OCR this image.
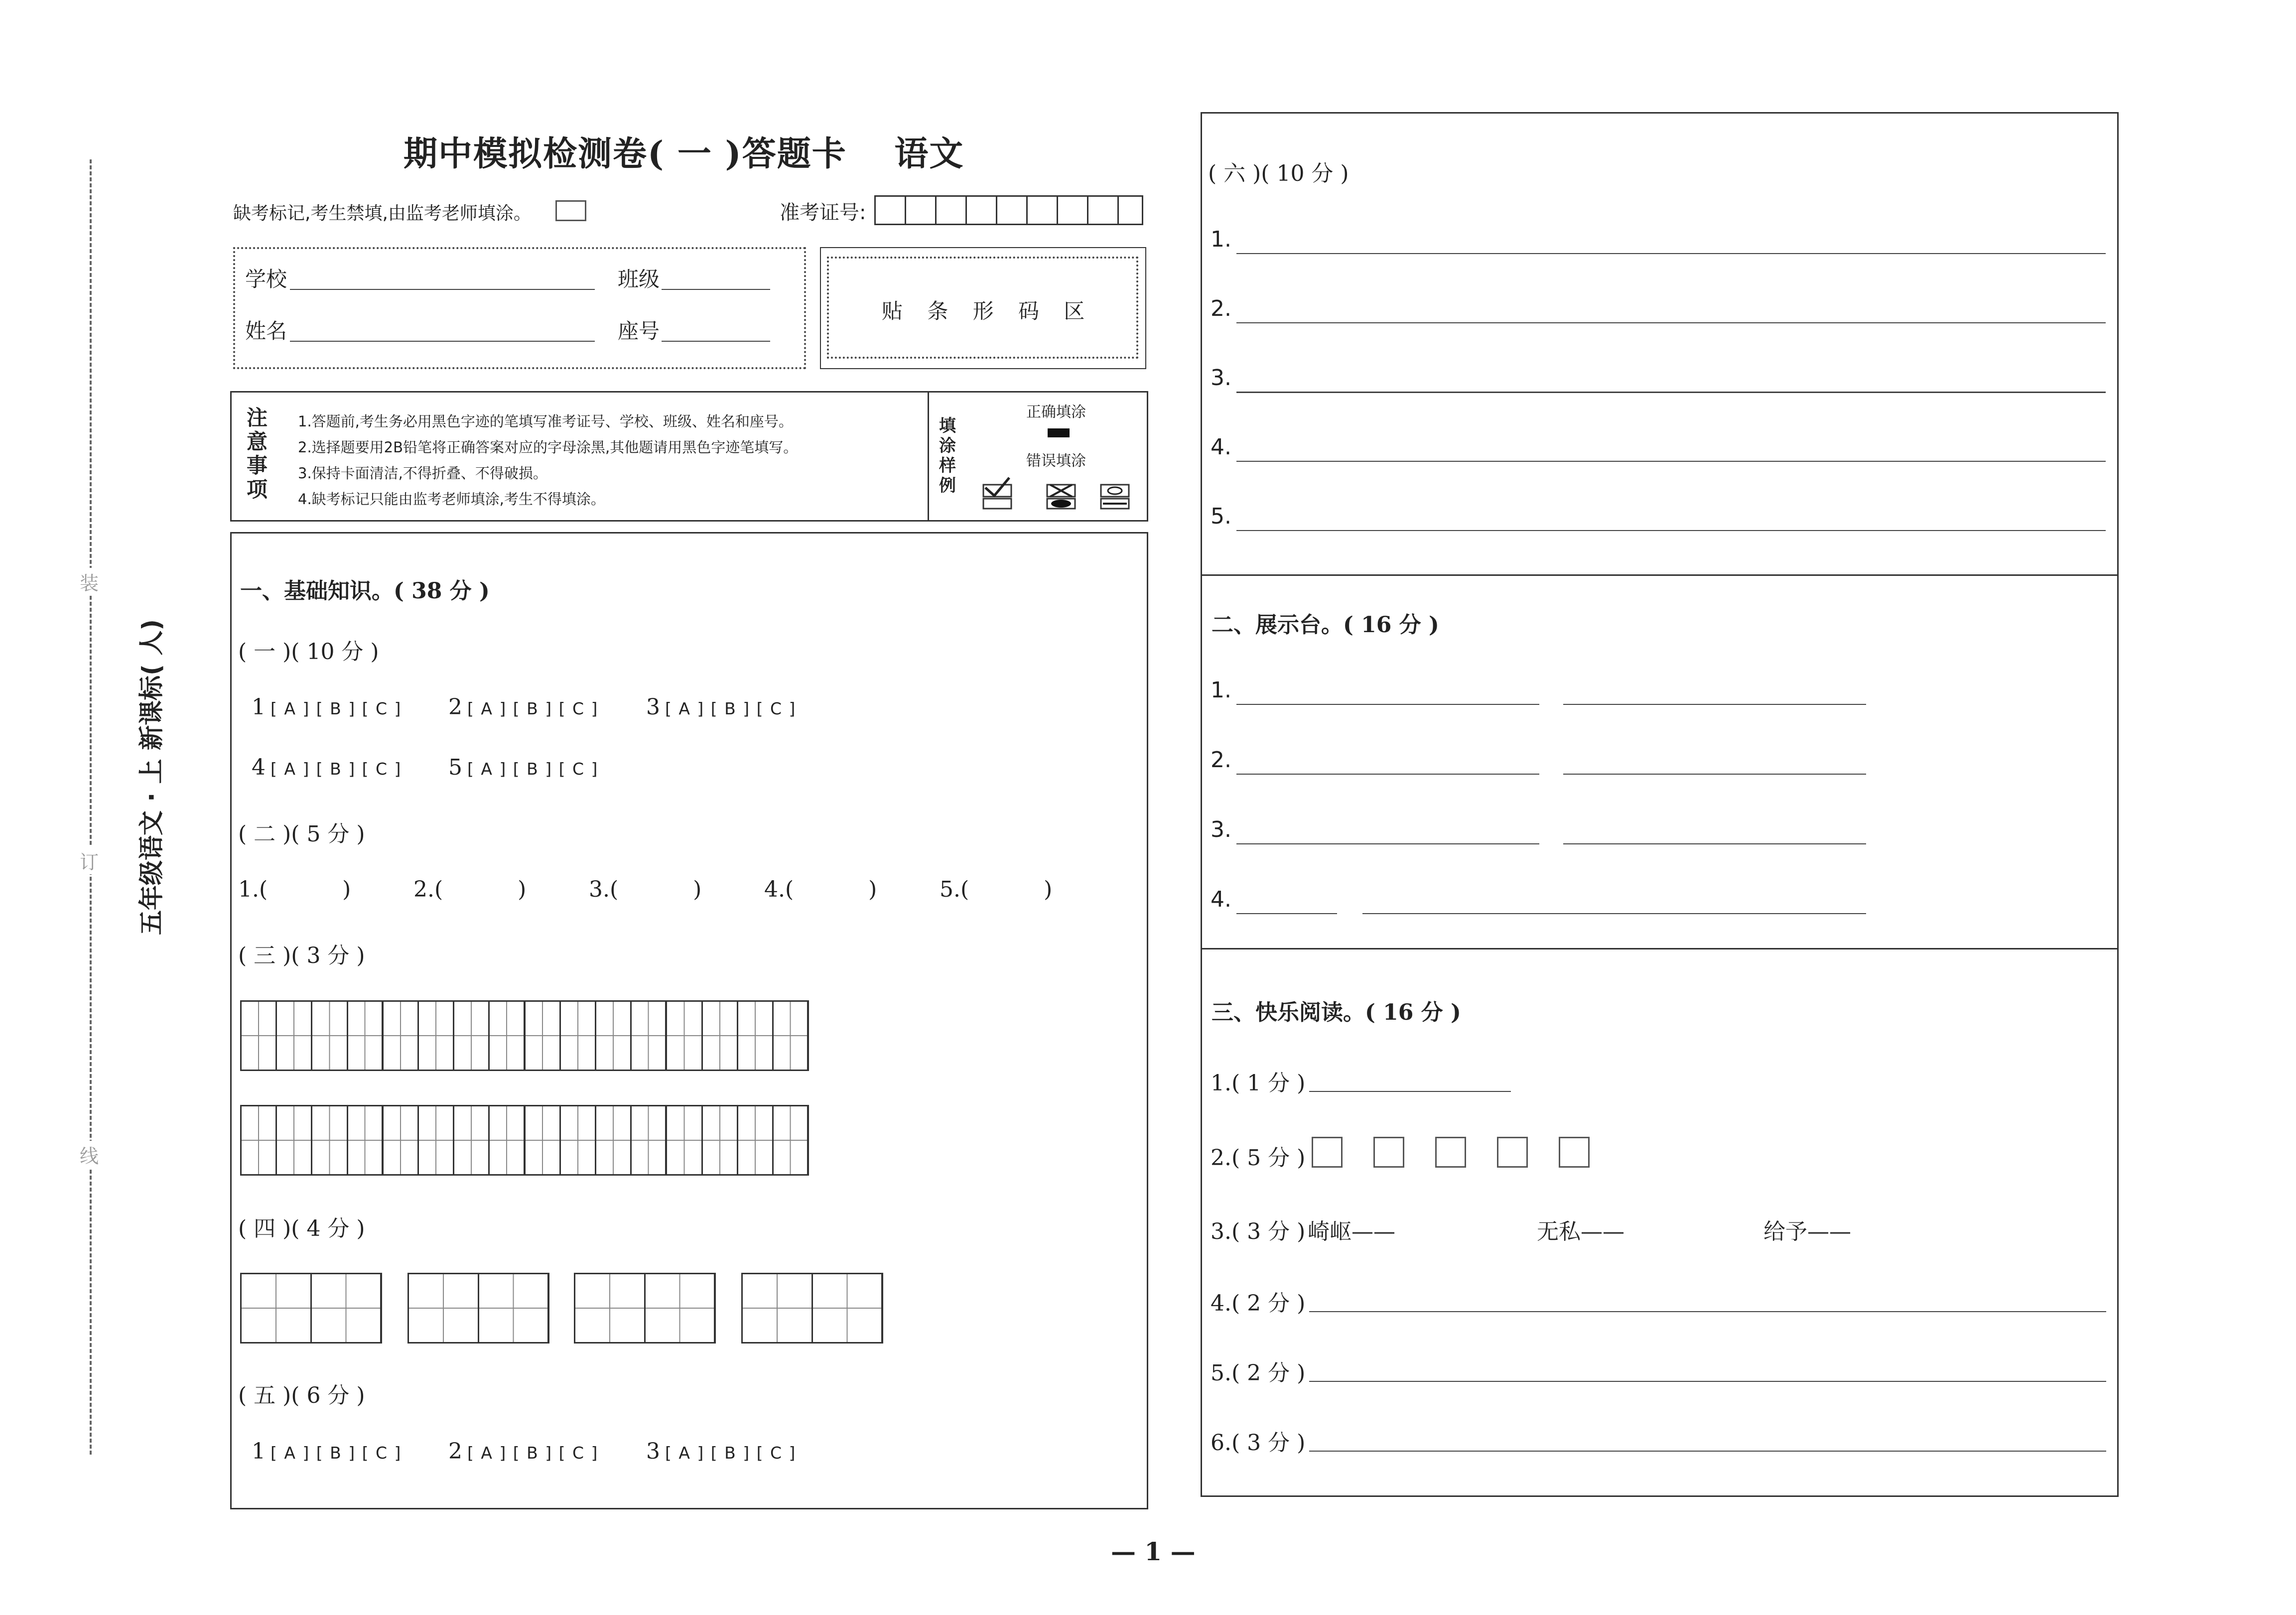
装
订
线
五年级语文 · 上 新课标( 人)
期中模拟检测卷( 一 )答题卡 语文
缺考标记,考生禁填,由监考老师填涂。	准考证号:
学校	班级
姓名	座号
贴 条 形 码 区
注
意
事
项
1.答题前,考生务必用黑色字迹的笔填写准考证号、学校、班级、姓名和座号。
2.选择题要用2B铅笔将正确答案对应的字母涂黑,其他题请用黑色字迹笔填写。
3.保持卡面清洁,不得折叠、不得破损。
4.缺考标记只能由监考老师填涂,考生不得填涂。
填
涂
样
例
正确填涂
错误填涂
一、基础知识。( 38 分 )
( 一 )( 10 分 )
1 [ A ] [ B ] [ C ] 2 [ A ] [ B ] [ C ] 3 [ A ] [ B ] [ C ]
4 [ A ] [ B ] [ C ] 5 [ A ] [ B ] [ C ]
( 二 )( 5 分 )
1.(	)	2.(	)	3.(	)	4.(	)	5.(	)
( 三 )( 3 分 )
( 四 )( 4 分 )
( 五 )( 6 分 )
1 [ A ] [ B ] [ C ] 2 [ A ] [ B ] [ C ] 3 [ A ] [ B ] [ C ]
( 六 )( 10 分 )
1.
2.
3.
4.
5.
二、展示台。( 16 分 )
1.
2.
3.
4.
三、快乐阅读。( 16 分 )
1.( 1 分 )
2.( 5 分 )
3.( 3 分 ) 崎岖——	无私——	给予——
4.( 2 分 )
5.( 2 分 )
6.( 3 分 )
— 1 —
